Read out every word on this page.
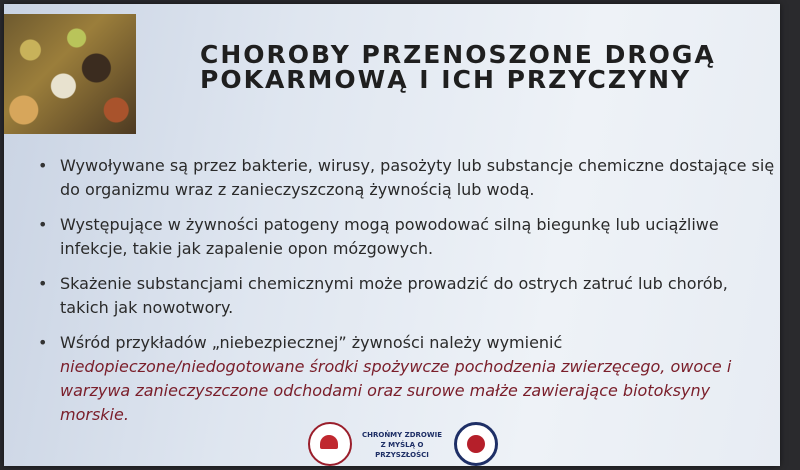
CHOROBY PRZENOSZONE DROGĄ
POKARMOWĄ I ICH PRZYCZYNY
• Wywoływane są przez bakterie, wirusy, pasożyty lub substancje chemiczne dostające się do organizmu wraz z zanieczyszczoną żywnością lub wodą.
• Występujące w żywności patogeny mogą powodować silną biegunkę lub uciążliwe infekcje, takie jak zapalenie opon mózgowych.
• Skażenie substancjami chemicznymi może prowadzić do ostrych zatruć lub chorób, takich jak nowotwory.
• Wśród przykładów „niebezpiecznej” żywności należy wymienić niedopieczone/niedogotowane środki spożywcze pochodzenia zwierzęcego, owoce i warzywa zanieczyszczone odchodami oraz surowe małże zawierające biotoksyny morskie.
CHROŃMY ZDROWIE
Z MYŚLĄ O PRZYSZŁOŚCI
